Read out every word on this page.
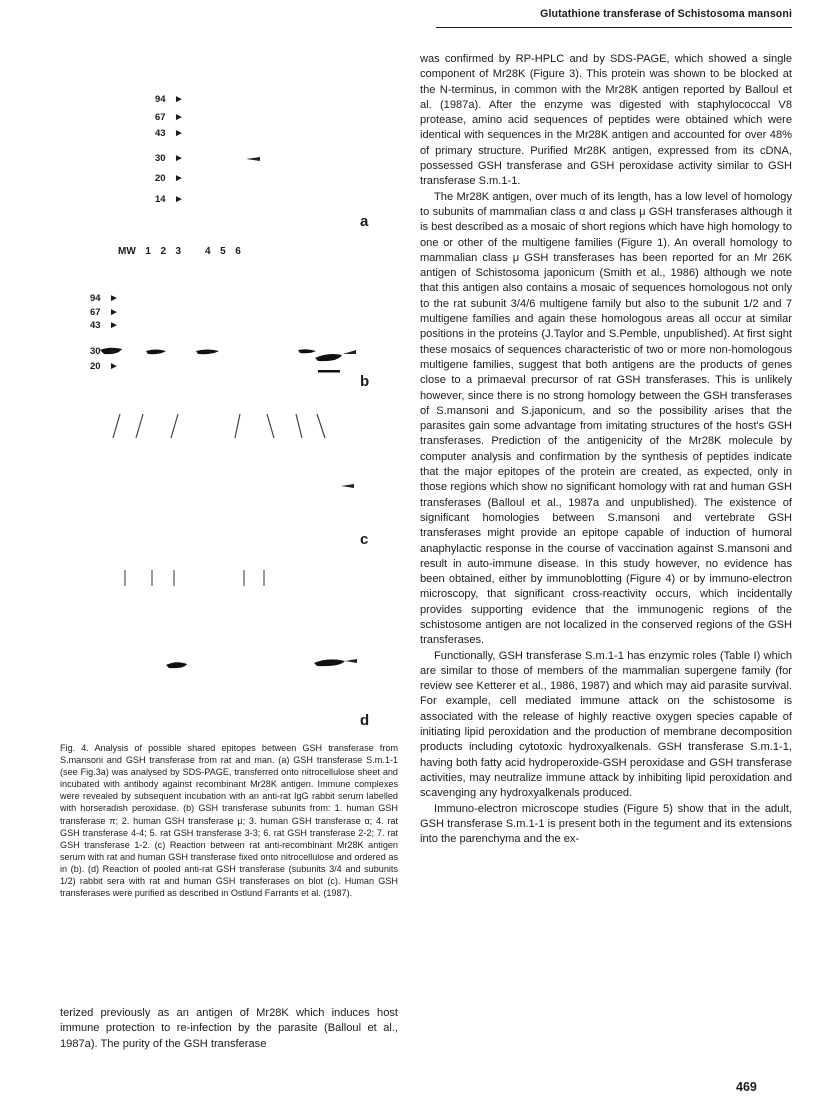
Glutathione transferase of Schistosoma mansoni
94 ►
67 ►
43 ►
30 ►
20 ►
14 ►
a
MW  1  2  3     4  5  6
94 ►
67 ►
43 ►
30 ►
20 ►
b
c
d

Fig. 4. Analysis of possible shared epitopes between GSH transferase from S.mansoni and GSH transferase from rat and man. (a) GSH transferase S.m.1-1 (see Fig.3a) was analysed by SDS-PAGE, transferred onto nitrocellulose sheet and incubated with antibody against recombinant Mr28K antigen. Immune complexes were revealed by subsequent incubation with an anti-rat IgG rabbit serum labelled with horseradish peroxidase. (b) GSH transferase subunits from: 1. human GSH transferase π; 2. human GSH transferase μ; 3. human GSH transferase α; 4. rat GSH transferase 4-4; 5. rat GSH transferase 3-3; 6. rat GSH transferase 2-2; 7. rat GSH transferase 1-2. (c) Reaction between rat anti-recombinant Mr28K antigen serum with rat and human GSH transferase fixed onto nitrocellulose and ordered as in (b). (d) Reaction of pooled anti-rat GSH transferase (subunits 3/4 and subunits 1/2) rabbit sera with rat and human GSH transferases on blot (c). Human GSH transferases were purified as described in Ostlund Farrants et al. (1987).

terized previously as an antigen of Mr28K which induces host immune protection to re-infection by the parasite (Balloul et al., 1987a). The purity of the GSH transferase

was confirmed by RP-HPLC and by SDS-PAGE, which showed a single component of Mr28K (Figure 3). This protein was shown to be blocked at the N-terminus, in common with the Mr28K antigen reported by Balloul et al. (1987a). After the enzyme was digested with staphylococcal V8 protease, amino acid sequences of peptides were obtained which were identical with sequences in the Mr28K antigen and accounted for over 48% of primary structure. Purified Mr28K antigen, expressed from its cDNA, possessed GSH transferase and GSH peroxidase activity similar to GSH transferase S.m.1-1.

The Mr28K antigen, over much of its length, has a low level of homology to subunits of mammalian class α and class μ GSH transferases although it is best described as a mosaic of short regions which have high homology to one or other of the multigene families (Figure 1). An overall homology to mammalian class μ GSH transferases has been reported for an Mr 26K antigen of Schistosoma japonicum (Smith et al., 1986) although we note that this antigen also contains a mosaic of sequences homologous not only to the rat subunit 3/4/6 multigene family but also to the subunit 1/2 and 7 multigene families and again these homologous areas all occur at similar positions in the proteins (J.Taylor and S.Pemble, unpublished). At first sight these mosaics of sequences characteristic of two or more non-homologous multigene families, suggest that both antigens are the products of genes close to a primaeval precursor of rat GSH transferases. This is unlikely however, since there is no strong homology between the GSH transferases of S.mansoni and S.japonicum, and so the possibility arises that the parasites gain some advantage from imitating structures of the host's GSH transferases. Prediction of the antigenicity of the Mr28K molecule by computer analysis and confirmation by the synthesis of peptides indicate that the major epitopes of the protein are created, as expected, only in those regions which show no significant homology with rat and human GSH transferases (Balloul et al., 1987a and unpublished). The existence of significant homologies between S.mansoni and vertebrate GSH transferases might provide an epitope capable of induction of humoral anaphylactic response in the course of vaccination against S.mansoni and result in auto-immune disease. In this study however, no evidence has been obtained, either by immunoblotting (Figure 4) or by immuno-electron microscopy, that significant cross-reactivity occurs, which incidentally provides supporting evidence that the immunogenic regions of the schistosome antigen are not localized in the conserved regions of the GSH transferases.

Functionally, GSH transferase S.m.1-1 has enzymic roles (Table I) which are similar to those of members of the mammalian supergene family (for review see Ketterer et al., 1986, 1987) and which may aid parasite survival. For example, cell mediated immune attack on the schistosome is associated with the release of highly reactive oxygen species capable of initiating lipid peroxidation and the production of membrane decomposition products including cytotoxic hydroxyalkenals. GSH transferase S.m.1-1, having both fatty acid hydroperoxide-GSH peroxidase and GSH transferase activities, may neutralize immune attack by inhibiting lipid peroxidation and scavenging any hydroxyalkenals produced.

Immuno-electron microscope studies (Figure 5) show that in the adult, GSH transferase S.m.1-1 is present both in the tegument and its extensions into the parenchyma and the ex-

469
